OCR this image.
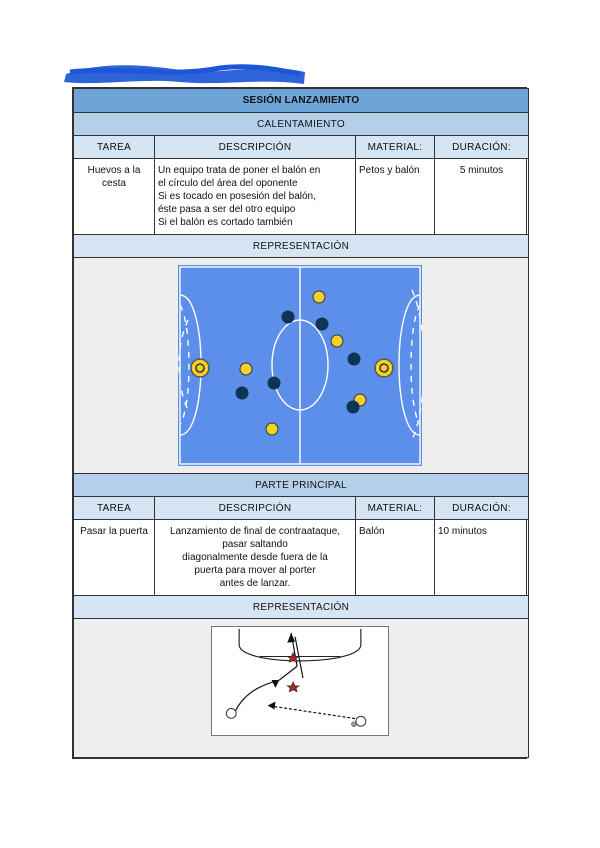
SESIÓN LANZAMIENTO			
CALENTAMIENTO			
TAREA	DESCRIPCIÓN	MATERIAL:	DURACIÓN:
Huevos a la cesta	Un equipo trata de poner el balón en
el círculo del área del oponente
Si es tocado en posesión del balón,
éste pasa a ser del otro equipo
Si el balón es cortado también	Petos y balón	5 minutos
REPRESENTACIÓN			

PARTE PRINCIPAL			
TAREA	DESCRIPCIÓN	MATERIAL:	DURACIÓN:
Pasar la puerta	Lanzamiento de final de contraataque,
pasar saltando
diagonalmente desde fuera de la
puerta para mover al porter
antes de lanzar.	Balón	10 minutos
REPRESENTACIÓN			
